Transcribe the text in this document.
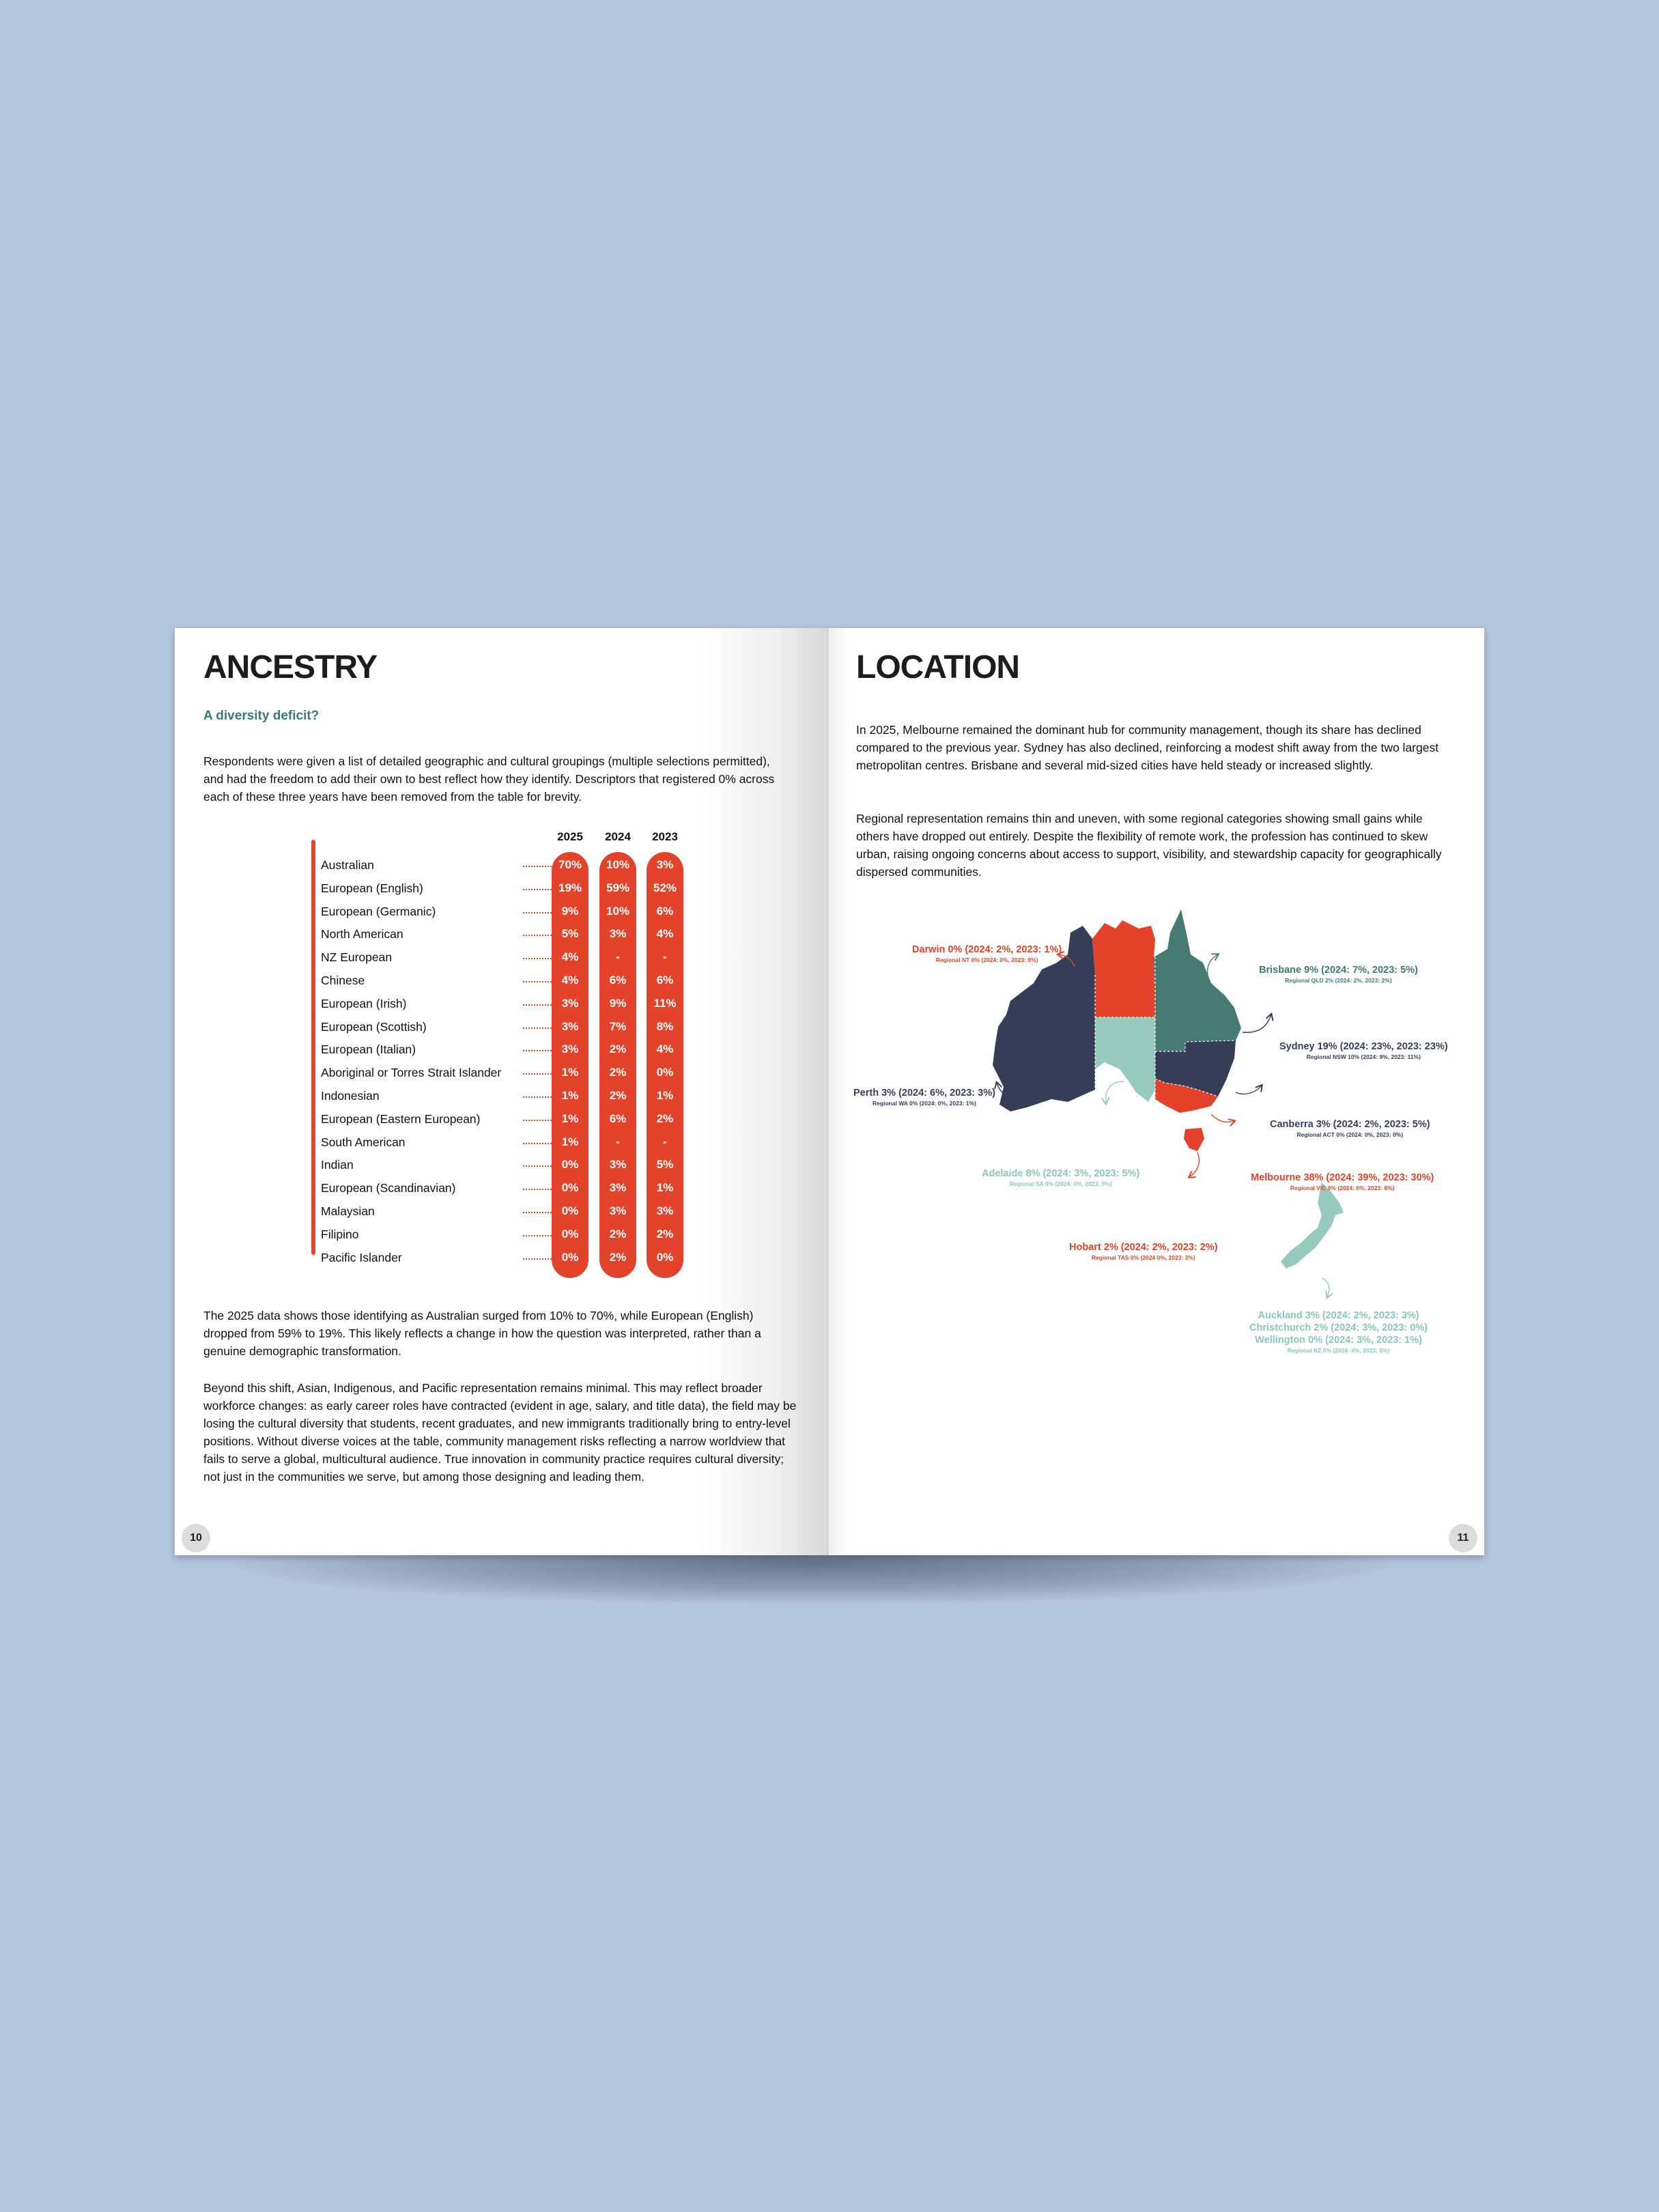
ANCESTRY
A diversity deficit?

Respondents were given a list of detailed geographic and cultural groupings (multiple selections permitted), and had the freedom to add their own to best reflect how they identify. Descriptors that registered 0% across each of these three years have been removed from the table for brevity.

2025	2024	2023
Australian	70%	10%	3%
European (English)	19%	59%	52%
European (Germanic)	9%	10%	6%
North American	5%	3%	4%
NZ European	4%	-	-
Chinese	4%	6%	6%
European (Irish)	3%	9%	11%
European (Scottish)	3%	7%	8%
European (Italian)	3%	2%	4%
Aboriginal or Torres Strait Islander	1%	2%	0%
Indonesian	1%	2%	1%
European (Eastern European)	1%	6%	2%
South American	1%	-	-
Indian	0%	3%	5%
European (Scandinavian)	0%	3%	1%
Malaysian	0%	3%	3%
Filipino	0%	2%	2%
Pacific Islander	0%	2%	0%

The 2025 data shows those identifying as Australian surged from 10% to 70%, while European (English) dropped from 59% to 19%. This likely reflects a change in how the question was interpreted, rather than a genuine demographic transformation.

Beyond this shift, Asian, Indigenous, and Pacific representation remains minimal. This may reflect broader workforce changes: as early career roles have contracted (evident in age, salary, and title data), the field may be losing the cultural diversity that students, recent graduates, and new immigrants traditionally bring to entry-level positions. Without diverse voices at the table, community management risks reflecting a narrow worldview that fails to serve a global, multicultural audience. True innovation in community practice requires cultural diversity; not just in the communities we serve, but among those designing and leading them.

10
LOCATION

In 2025, Melbourne remained the dominant hub for community management, though its share has declined compared to the previous year. Sydney has also declined, reinforcing a modest shift away from the two largest metropolitan centres. Brisbane and several mid-sized cities have held steady or increased slightly.

Regional representation remains thin and uneven, with some regional categories showing small gains while others have dropped out entirely. Despite the flexibility of remote work, the profession has continued to skew urban, raising ongoing concerns about access to support, visibility, and stewardship capacity for geographically dispersed communities.

Darwin 0% (2024: 2%, 2023: 1%)
Regional NT 0% (2024: 0%, 2023: 0%)
Brisbane 9% (2024: 7%, 2023: 5%)
Regional QLD 2% (2024: 2%, 2023: 2%)
Sydney 19% (2024: 23%, 2023: 23%)
Regional NSW 10% (2024: 9%, 2023: 11%)
Perth 3% (2024: 6%, 2023: 3%)
Regional WA 0% (2024: 0%, 2023: 1%)
Canberra 3% (2024: 2%, 2023: 5%)
Regional ACT 0% (2024: 0%, 2023: 0%)
Adelaide 8% (2024: 3%, 2023: 5%)
Regional SA 0% (2024: 0%, 2023: 0%)
Melbourne 38% (2024: 39%, 2023: 30%)
Regional VIC 9% (2024: 6%, 2023: 8%)
Hobart 2% (2024: 2%, 2023: 2%)
Regional TAS 0% (2024 0%, 2023: 3%)
Auckland 3% (2024: 2%, 2023: 3%)
Christchurch 2% (2024: 3%, 2023: 0%)
Wellington 0% (2024: 3%, 2023: 1%)
Regional NZ 0% (2024: 4%, 2023: 5%)
11
